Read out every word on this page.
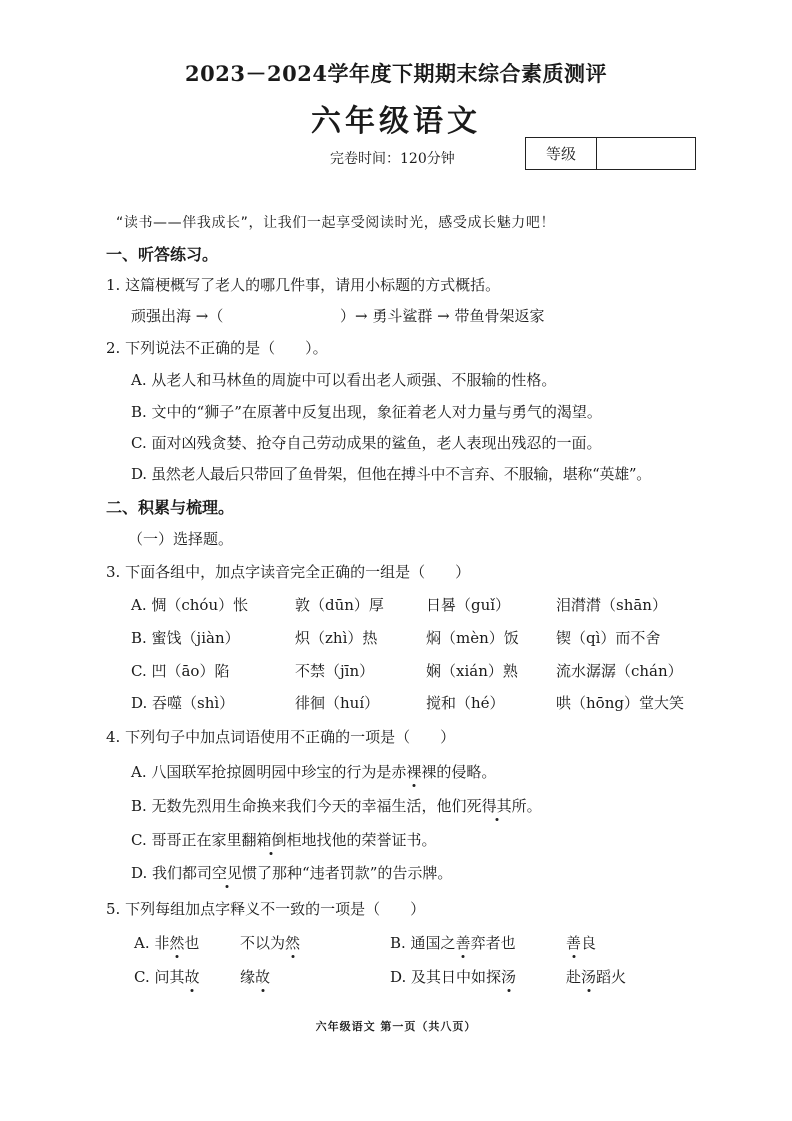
2023－2024学年度下期期末综合素质测评
六年级语文
完卷时间：120分钟	等级
“读书——伴我成长”，让我们一起享受阅读时光，感受成长魅力吧！
一、听答练习。
1. 这篇梗概写了老人的哪几件事，请用小标题的方式概括。
顽强出海 →（	）→ 勇斗鲨群 → 带鱼骨架返家
2. 下列说法不正确的是（　　）。
A. 从老人和马林鱼的周旋中可以看出老人顽强、不服输的性格。
B. 文中的“狮子”在原著中反复出现，象征着老人对力量与勇气的渴望。
C. 面对凶残贪婪、抢夺自己劳动成果的鲨鱼，老人表现出残忍的一面。
D. 虽然老人最后只带回了鱼骨架，但他在搏斗中不言弃、不服输，堪称“英雄”。
二、积累与梳理。
（一）选择题。
3. 下面各组中，加点字读音完全正确的一组是（　　）
A. 惆（chóu）怅	敦（dūn）厚	日晷（guǐ）	泪潸潸（shān）
B. 蜜饯（jiàn）	炽（zhì）热	焖（mèn）饭 锲（qì）而不舍
C. 凹（āo）陷	不禁（jīn）	娴（xián）熟	流水潺潺（chán）
D. 吞噬（shì）	徘徊（huí）	搅和（hé）	哄（hōng）堂大笑
4. 下列句子中加点词语使用不正确的一项是（　　）
A. 八国联军抢掠圆明园中珍宝的行为是赤裸裸的侵略。
B. 无数先烈用生命换来我们今天的幸福生活，他们死得其所。
C. 哥哥正在家里翻箱倒柜地找他的荣誉证书。
D. 我们都司空见惯了那种“违者罚款”的告示牌。
5. 下列每组加点字释义不一致的一项是（　　）
A. 非然也	不以为然	B. 通国之善弈者也	善良
C. 问其故	缘故	D. 及其日中如探汤	赴汤蹈火
六年级语文 第一页（共八页）
